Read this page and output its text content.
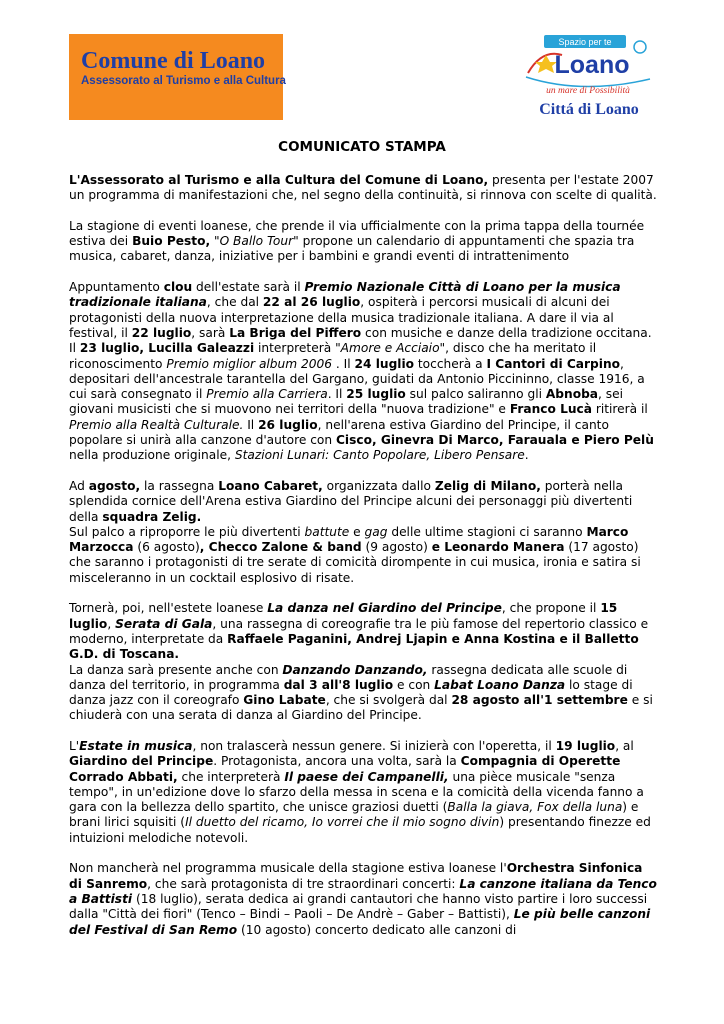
Comune di Loano
Assessorato al Turismo e alla Cultura
Spazio per te
Loano
un mare di Possibilità
Cittá di Loano
COMUNICATO STAMPA

L'Assessorato al Turismo e alla Cultura del Comune di Loano, presenta per l'estate 2007 un programma di manifestazioni che, nel segno della continuità, si rinnova con scelte di qualità.

La stagione di eventi loanese, che prende il via ufficialmente con la prima tappa della tournée estiva dei Buio Pesto, "O Ballo Tour" propone un calendario di appuntamenti che spazia tra musica, cabaret, danza, iniziative per i bambini e grandi eventi di intrattenimento

Appuntamento clou dell'estate sarà il Premio Nazionale Città di Loano per la musica tradizionale italiana, che dal 22 al 26 luglio, ospiterà i percorsi musicali di alcuni dei protagonisti della nuova interpretazione della musica tradizionale italiana. A dare il via al festival, il 22 luglio, sarà La Briga del Piffero con musiche e danze della tradizione occitana. Il 23 luglio, Lucilla Galeazzi interpreterà "Amore e Acciaio", disco che ha meritato il riconoscimento Premio miglior album 2006 . Il 24 luglio toccherà a I Cantori di Carpino, depositari dell'ancestrale tarantella del Gargano, guidati da Antonio Piccininno, classe 1916, a cui sarà consegnato il Premio alla Carriera. Il 25 luglio sul palco saliranno gli Abnoba, sei giovani musicisti che si muovono nei territori della "nuova tradizione" e Franco Lucà ritirerà il Premio alla Realtà Culturale. Il 26 luglio, nell'arena estiva Giardino del Principe, il canto popolare si unirà alla canzone d'autore con Cisco, Ginevra Di Marco, Farauala e Piero Pelù nella produzione originale, Stazioni Lunari: Canto Popolare, Libero Pensare.

Ad agosto, la rassegna Loano Cabaret, organizzata dallo Zelig di Milano, porterà nella splendida cornice dell'Arena estiva Giardino del Principe alcuni dei personaggi più divertenti della squadra Zelig.
Sul palco a riproporre le più divertenti battute e gag delle ultime stagioni ci saranno Marco Marzocca (6 agosto), Checco Zalone & band (9 agosto) e Leonardo Manera (17 agosto) che saranno i protagonisti di tre serate di comicità dirompente in cui musica, ironia e satira si misceleranno in un cocktail esplosivo di risate.

Tornerà, poi, nell'estete loanese La danza nel Giardino del Principe, che propone il 15 luglio, Serata di Gala, una rassegna di coreografie tra le più famose del repertorio classico e moderno, interpretate da Raffaele Paganini, Andrej Ljapin e Anna Kostina e il Balletto G.D. di Toscana.
La danza sarà presente anche con Danzando Danzando, rassegna dedicata alle scuole di danza del territorio, in programma dal 3 all'8 luglio e con Labat Loano Danza lo stage di danza jazz con il coreografo Gino Labate, che si svolgerà dal 28 agosto all'1 settembre e si chiuderà con una serata di danza al Giardino del Principe.

L'Estate in musica, non tralascerà nessun genere. Si inizierà con l'operetta, il 19 luglio, al Giardino del Principe. Protagonista, ancora una volta, sarà la Compagnia di Operette Corrado Abbati, che interpreterà Il paese dei Campanelli, una pièce musicale "senza tempo", in un'edizione dove lo sfarzo della messa in scena e la comicità della vicenda fanno a gara con la bellezza dello spartito, che unisce graziosi duetti (Balla la giava, Fox della luna) e brani lirici squisiti (Il duetto del ricamo, Io vorrei che il mio sogno divin) presentando finezze ed intuizioni melodiche notevoli.

Non mancherà nel programma musicale della stagione estiva loanese l'Orchestra Sinfonica di Sanremo, che sarà protagonista di tre straordinari concerti: La canzone italiana da Tenco a Battisti (18 luglio), serata dedica ai grandi cantautori che hanno visto partire i loro successi dalla "Città dei fiori" (Tenco – Bindi – Paoli – De Andrè – Gaber – Battisti), Le più belle canzoni del Festival di San Remo (10 agosto) concerto dedicato alle canzoni di
